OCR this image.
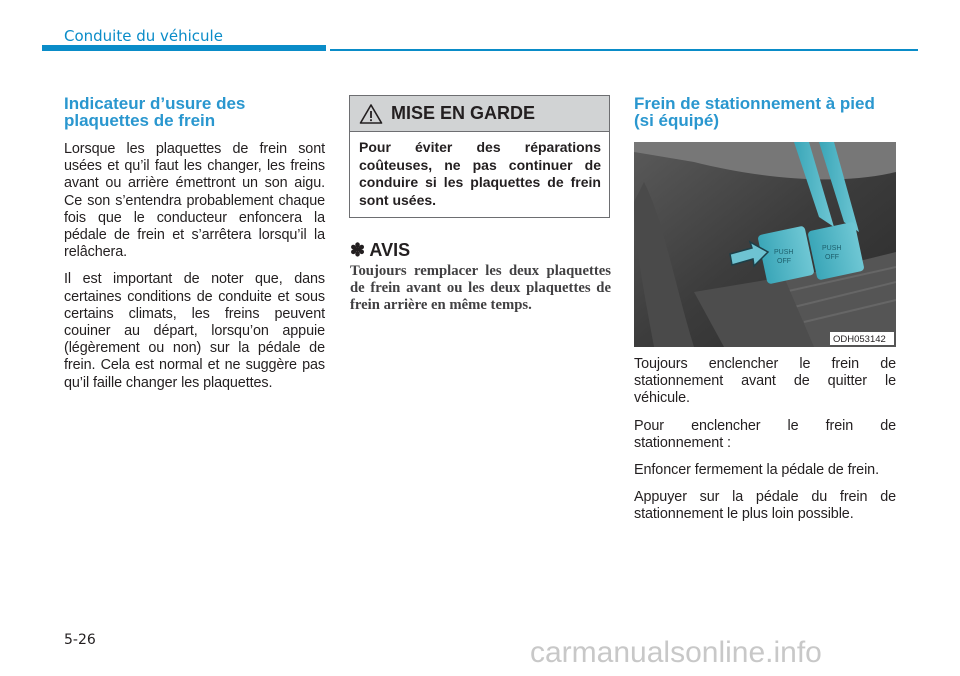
Conduite du véhicule
Indicateur d’usure des plaquettes de frein

Lorsque les plaquettes de frein sont usées et qu’il faut les changer, les freins avant ou arrière émettront un son aigu. Ce son s’entendra probablement chaque fois que le conducteur enfoncera la pédale de frein et s’arrêtera lorsqu’il la relâchera.

Il est important de noter que, dans certaines conditions de conduite et sous certains climats, les freins peuvent couiner au départ, lorsqu’on appuie (légèrement ou non) sur la pédale de frein. Cela est normal et ne suggère pas qu’il faille changer les plaquettes.

MISE EN GARDE
Pour éviter des réparations coûteuses, ne pas continuer de conduire si les plaquettes de frein sont usées.
✽ AVIS
Toujours remplacer les deux plaquettes de frein avant ou les deux plaquettes de frein arrière en même temps.
Frein de stationnement à pied (si équipé)
PUSH
OFF
PUSH
OFF
ODH053142

Toujours enclencher le frein de stationnement avant de quitter le véhicule.

Pour enclencher le frein de stationnement :

Enfoncer fermement la pédale de frein.

Appuyer sur la pédale du frein de stationnement le plus loin possible.

5-26	carmanualsonline.info
